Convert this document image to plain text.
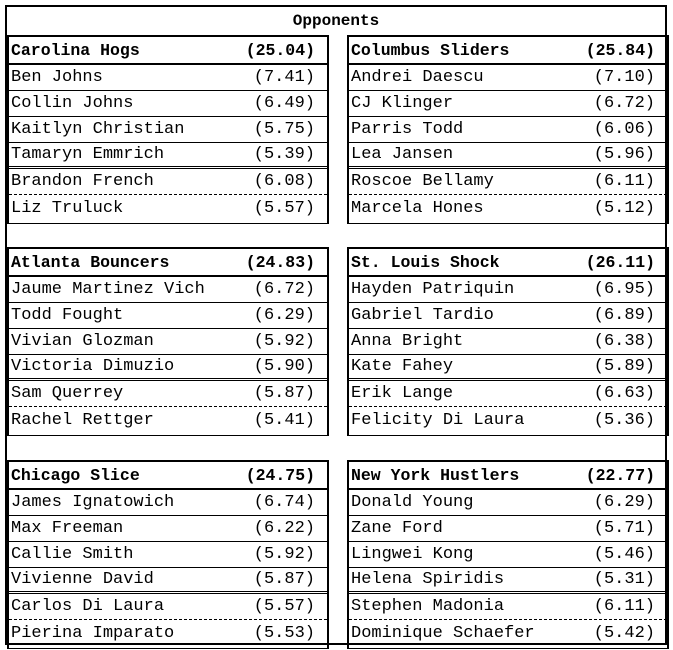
Opponents
Carolina Hogs	(25.04)
Ben Johns	(7.41)
Collin Johns	(6.49)
Kaitlyn Christian	(5.75)
Tamaryn Emmrich	(5.39)
Brandon French	(6.08)
Liz Truluck	(5.57)
Columbus Sliders	(25.84)
Andrei Daescu	(7.10)
CJ Klinger	(6.72)
Parris Todd	(6.06)
Lea Jansen	(5.96)
Roscoe Bellamy	(6.11)
Marcela Hones	(5.12)
Atlanta Bouncers	(24.83)
Jaume Martinez Vich	(6.72)
Todd Fought	(6.29)
Vivian Glozman	(5.92)
Victoria Dimuzio	(5.90)
Sam Querrey	(5.87)
Rachel Rettger	(5.41)
St. Louis Shock	(26.11)
Hayden Patriquin	(6.95)
Gabriel Tardio	(6.89)
Anna Bright	(6.38)
Kate Fahey	(5.89)
Erik Lange	(6.63)
Felicity Di Laura	(5.36)
Chicago Slice	(24.75)
James Ignatowich	(6.74)
Max Freeman	(6.22)
Callie Smith	(5.92)
Vivienne David	(5.87)
Carlos Di Laura	(5.57)
Pierina Imparato	(5.53)
New York Hustlers	(22.77)
Donald Young	(6.29)
Zane Ford	(5.71)
Lingwei Kong	(5.46)
Helena Spiridis	(5.31)
Stephen Madonia	(6.11)
Dominique Schaefer	(5.42)
